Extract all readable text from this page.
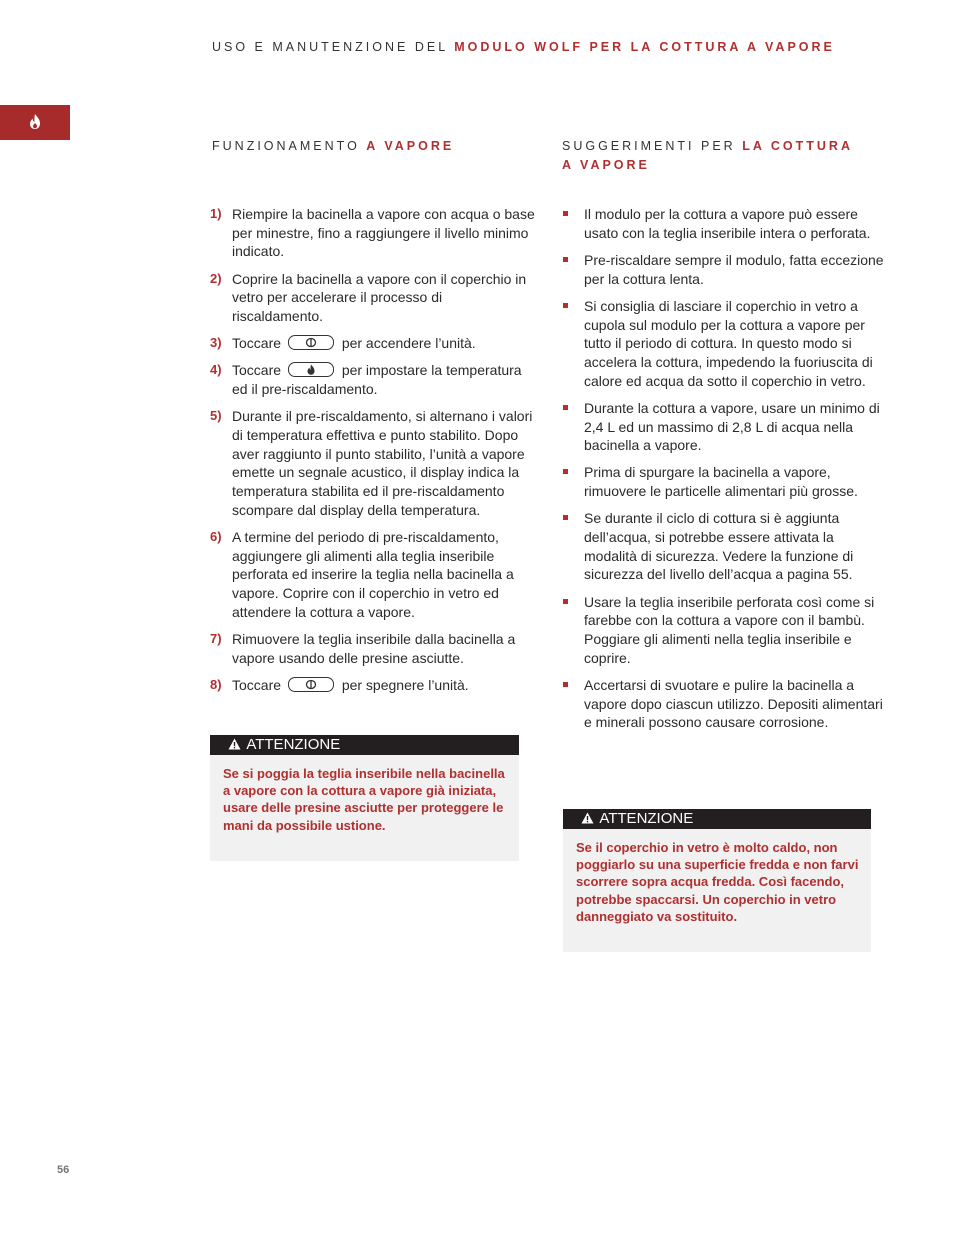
USO E MANUTENZIONE DEL MODULO WOLF PER LA COTTURA A VAPORE
FUNZIONAMENTO A VAPORE	SUGGERIMENTI PER LA COTTURA
A VAPORE
1) Riempire la bacinella a vapore con acqua o base per minestre, fino a raggiungere il livello minimo indicato.
2) Coprire la bacinella a vapore con il coperchio in vetro per accelerare il processo di riscaldamento.
3) Toccare	per accendere l’unità.
4) Toccare	per impostare la temperatura ed il pre-riscaldamento.
5) Durante il pre-riscaldamento, si alternano i valori di temperatura effettiva e punto stabilito. Dopo aver raggiunto il punto stabilito, l’unità a vapore emette un segnale acustico, il display indica la temperatura stabilita ed il pre-riscaldamento scompare dal display della temperatura.
6) A termine del periodo di pre-riscaldamento, aggiungere gli alimenti alla teglia inseribile perforata ed inserire la teglia nella bacinella a vapore. Coprire con il coperchio in vetro ed attendere la cottura a vapore.
7) Rimuovere la teglia inseribile dalla bacinella a vapore usando delle presine asciutte.
8) Toccare	per spegnere l’unità.
ATTENZIONE
Se si poggia la teglia inseribile nella bacinella a vapore con la cottura a vapore già iniziata, usare delle presine asciutte per proteggere le mani da possibile ustione.
Il modulo per la cottura a vapore può essere usato con la teglia inseribile intera o perforata.
Pre-riscaldare sempre il modulo, fatta eccezione per la cottura lenta.
Si consiglia di lasciare il coperchio in vetro a cupola sul modulo per la cottura a vapore per tutto il periodo di cottura. In questo modo si accelera la cottura, impedendo la fuoriuscita di calore ed acqua da sotto il coperchio in vetro.
Durante la cottura a vapore, usare un minimo di 2,4 L ed un massimo di 2,8 L di acqua nella bacinella a vapore.
Prima di spurgare la bacinella a vapore, rimuovere le particelle alimentari più grosse.
Se durante il ciclo di cottura si è aggiunta dell’acqua, si potrebbe essere attivata la modalità di sicurezza. Vedere la funzione di sicurezza del livello dell’acqua a pagina 55.
Usare la teglia inseribile perforata così come si farebbe con la cottura a vapore con il bambù. Poggiare gli alimenti nella teglia inseribile e coprire.
Accertarsi di svuotare e pulire la bacinella a vapore dopo ciascun utilizzo. Depositi alimentari e minerali possono causare corrosione.
ATTENZIONE
Se il coperchio in vetro è molto caldo, non poggiarlo su una superficie fredda e non farvi scorrere sopra acqua fredda. Così facendo, potrebbe spaccarsi. Un coperchio in vetro danneggiato va sostituito.
56
